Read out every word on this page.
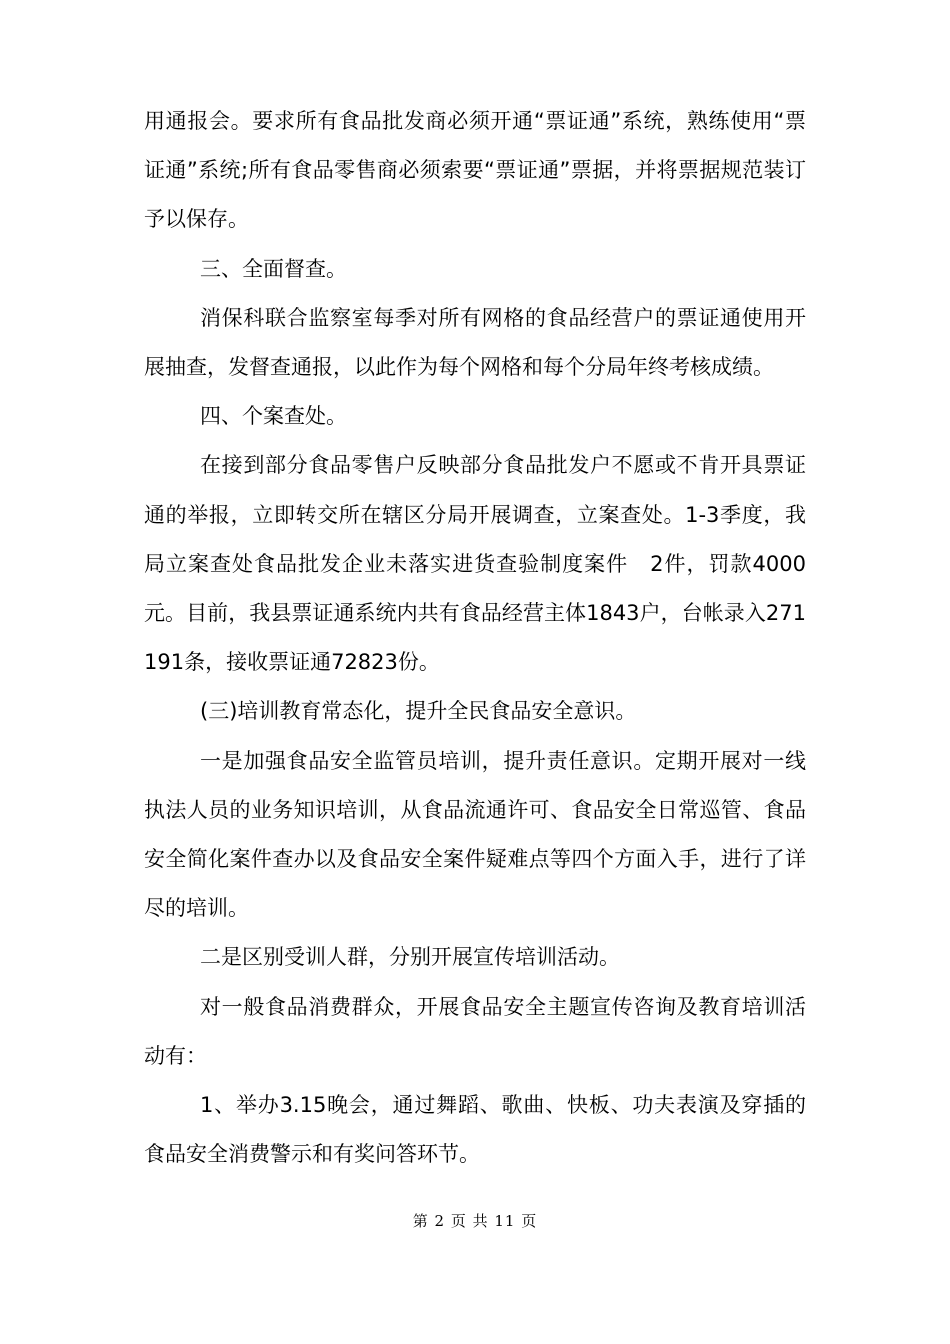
用通报会。要求所有食品批发商必须开通“票证通”系统，熟练使用“票证通”系统;所有食品零售商必须索要“票证通”票据，并将票据规范装订予以保存。

三、全面督查。

消保科联合监察室每季对所有网格的食品经营户的票证通使用开展抽查，发督查通报，以此作为每个网格和每个分局年终考核成绩。

四、个案查处。

在接到部分食品零售户反映部分食品批发户不愿或不肯开具票证通的举报，立即转交所在辖区分局开展调查，立案查处。1-3季度，我局立案查处食品批发企业未落实进货查验制度案件　2件，罚款4000元。目前，我县票证通系统内共有食品经营主体1843户，台帐录入271191条，接收票证通72823份。

(三)培训教育常态化，提升全民食品安全意识。

一是加强食品安全监管员培训，提升责任意识。定期开展对一线执法人员的业务知识培训，从食品流通许可、食品安全日常巡管、食品安全简化案件查办以及食品安全案件疑难点等四个方面入手，进行了详尽的培训。

二是区别受训人群，分别开展宣传培训活动。

对一般食品消费群众，开展食品安全主题宣传咨询及教育培训活动有：

1、举办3.15晚会，通过舞蹈、歌曲、快板、功夫表演及穿插的食品安全消费警示和有奖问答环节。

第 2 页 共 11 页
